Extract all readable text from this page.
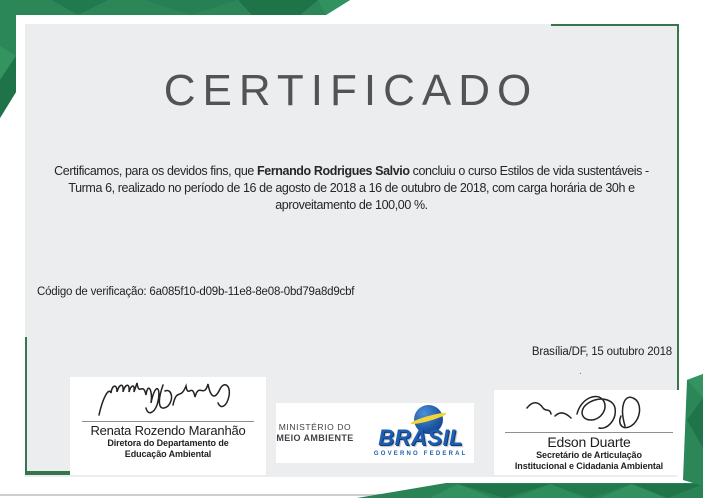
CERTIFICADO
Certificamos, para os devidos fins, que Fernando Rodrigues Salvio concluiu o curso Estilos de vida sustentáveis -
Turma 6, realizado no período de 16 de agosto de 2018 a 16 de outubro de 2018, com carga horária de 30h e
aproveitamento de 100,00 %.
Código de verificação: 6a085f10-d09b-11e8-8e08-0bd79a8d9cbf
Brasília/DF, 15 outubro 2018
.
Renata Rozendo Maranhão
Diretora do Departamento de
Educação Ambiental
MINISTÉRIO DO
MEIO AMBIENTE	BRASIL
GOVERNO FEDERAL
Edson Duarte
Secretário de Articulação
Institucional e Cidadania Ambiental
